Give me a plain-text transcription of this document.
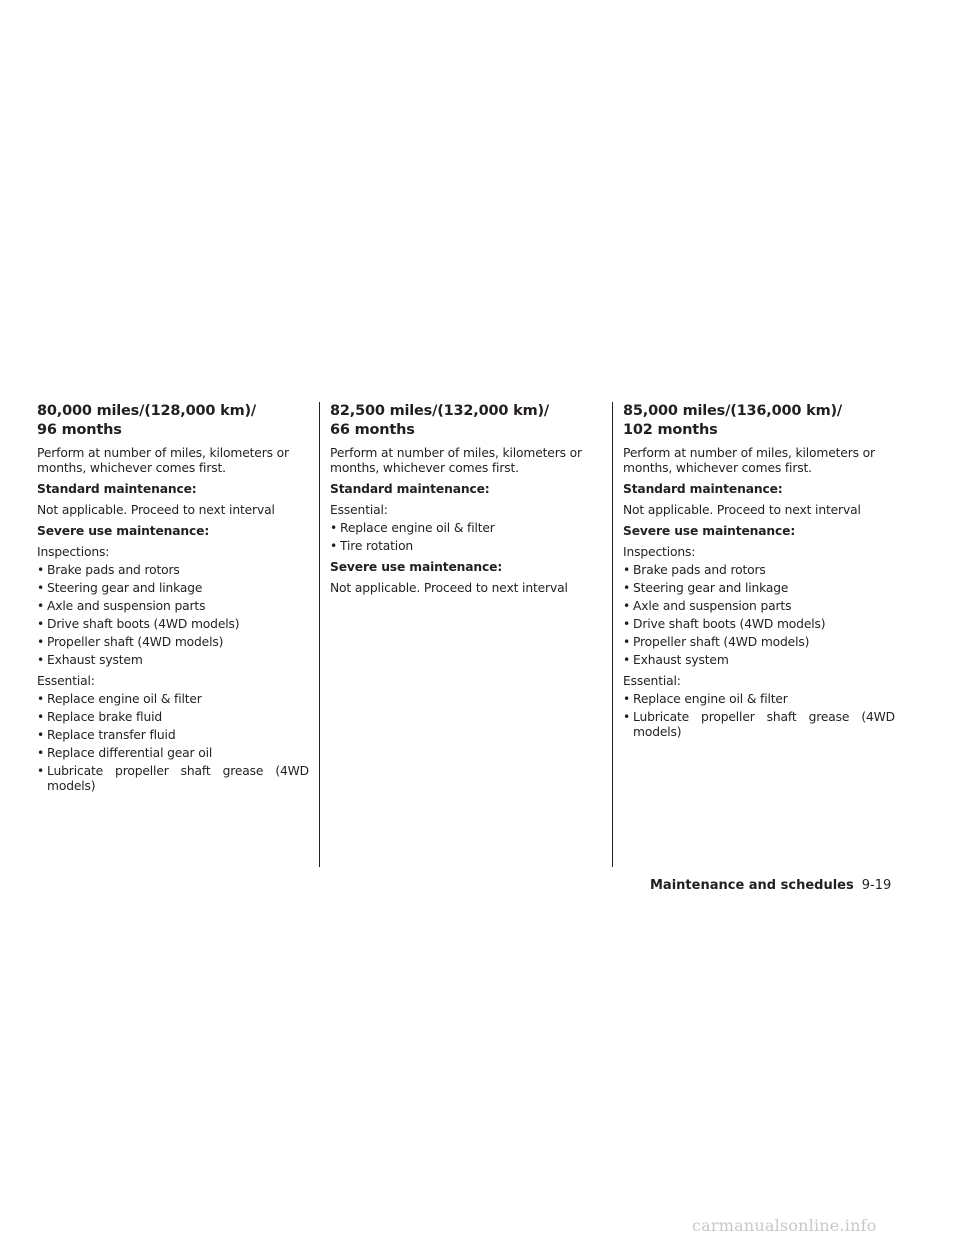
80,000 miles/(128,000 km)/
96 months
Perform at number of miles, kilometers or months, whichever comes first.
Standard maintenance:
Not applicable. Proceed to next interval
Severe use maintenance:
Inspections:
• Brake pads and rotors
• Steering gear and linkage
• Axle and suspension parts
• Drive shaft boots (4WD models)
• Propeller shaft (4WD models)
• Exhaust system
Essential:
• Replace engine oil & filter
• Replace brake fluid
• Replace transfer fluid
• Replace differential gear oil
• Lubricate propeller shaft grease (4WD models)
82,500 miles/(132,000 km)/
66 months
Perform at number of miles, kilometers or months, whichever comes first.
Standard maintenance:
Essential:
• Replace engine oil & filter
• Tire rotation
Severe use maintenance:
Not applicable. Proceed to next interval
85,000 miles/(136,000 km)/
102 months
Perform at number of miles, kilometers or months, whichever comes first.
Standard maintenance:
Not applicable. Proceed to next interval
Severe use maintenance:
Inspections:
• Brake pads and rotors
• Steering gear and linkage
• Axle and suspension parts
• Drive shaft boots (4WD models)
• Propeller shaft (4WD models)
• Exhaust system
Essential:
• Replace engine oil & filter
• Lubricate propeller shaft grease (4WD models)
Maintenance and schedules 9-19
carmanualsonline.info
